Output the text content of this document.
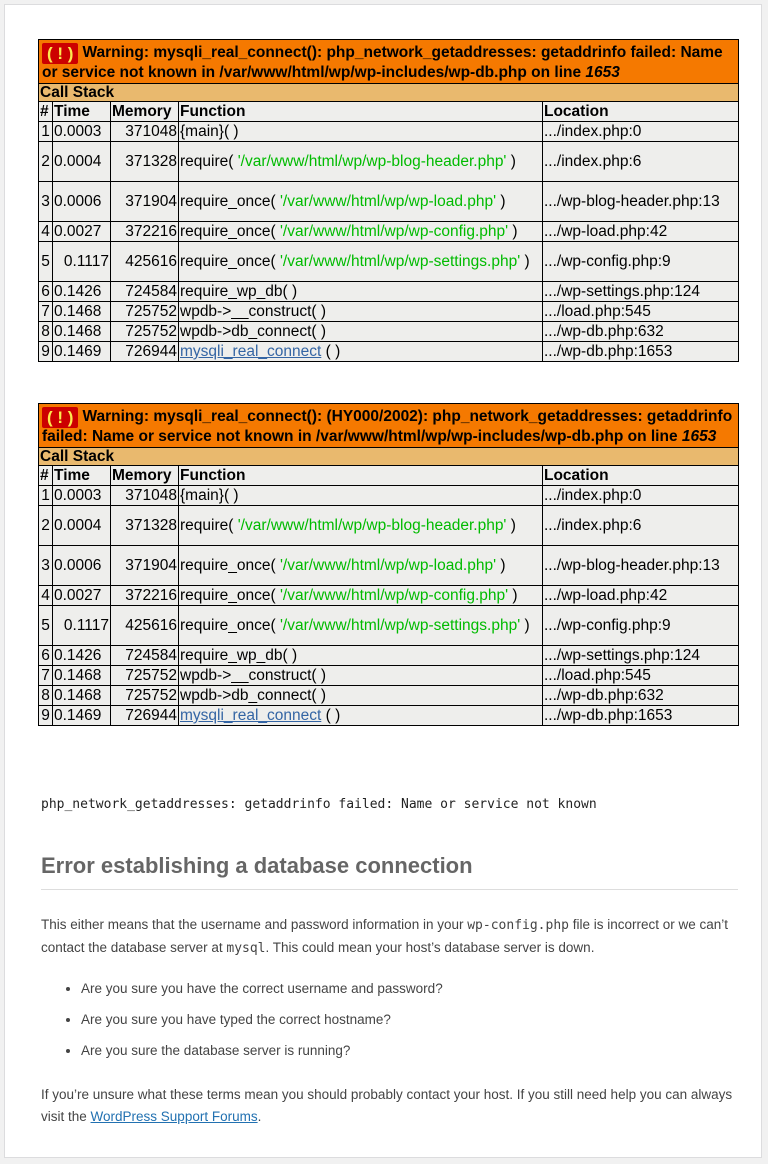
( ! ) Warning: mysqli_real_connect(): php_network_getaddresses: getaddrinfo failed: Name or service not known in /var/www/html/wp/wp-includes/wp-db.php on line 1653				
Call Stack				
#	Time	Memory	Function	Location
1	0.0003	371048	{main}( )	.../index.php:0
2	0.0004	371328	require( '/var/www/html/wp/wp-blog-header.php' )	.../index.php:6
3	0.0006	371904	require_once( '/var/www/html/wp/wp-load.php' )	.../wp-blog-header.php:13
4	0.0027	372216	require_once( '/var/www/html/wp/wp-config.php' )	.../wp-load.php:42
5	0.1117	425616	require_once( '/var/www/html/wp/wp-settings.php' )	.../wp-config.php:9
6	0.1426	724584	require_wp_db( )	.../wp-settings.php:124
7	0.1468	725752	wpdb->__construct( )	.../load.php:545
8	0.1468	725752	wpdb->db_connect( )	.../wp-db.php:632
9	0.1469	726944	mysqli_real_connect ( )	.../wp-db.php:1653
( ! ) Warning: mysqli_real_connect(): (HY000/2002): php_network_getaddresses: getaddrinfo failed: Name or service not known in /var/www/html/wp/wp-includes/wp-db.php on line 1653				
Call Stack				
#	Time	Memory	Function	Location
1	0.0003	371048	{main}( )	.../index.php:0
2	0.0004	371328	require( '/var/www/html/wp/wp-blog-header.php' )	.../index.php:6
3	0.0006	371904	require_once( '/var/www/html/wp/wp-load.php' )	.../wp-blog-header.php:13
4	0.0027	372216	require_once( '/var/www/html/wp/wp-config.php' )	.../wp-load.php:42
5	0.1117	425616	require_once( '/var/www/html/wp/wp-settings.php' )	.../wp-config.php:9
6	0.1426	724584	require_wp_db( )	.../wp-settings.php:124
7	0.1468	725752	wpdb->__construct( )	.../load.php:545
8	0.1468	725752	wpdb->db_connect( )	.../wp-db.php:632
9	0.1469	726944	mysqli_real_connect ( )	.../wp-db.php:1653
php_network_getaddresses: getaddrinfo failed: Name or service not known
Error establishing a database connection

This either means that the username and password information in your wp-config.php file is incorrect or we can’t contact the database server at mysql. This could mean your host’s database server is down.

• Are you sure you have the correct username and password?
• Are you sure you have typed the correct hostname?
• Are you sure the database server is running?

If you’re unsure what these terms mean you should probably contact your host. If you still need help you can always visit the WordPress Support Forums.
